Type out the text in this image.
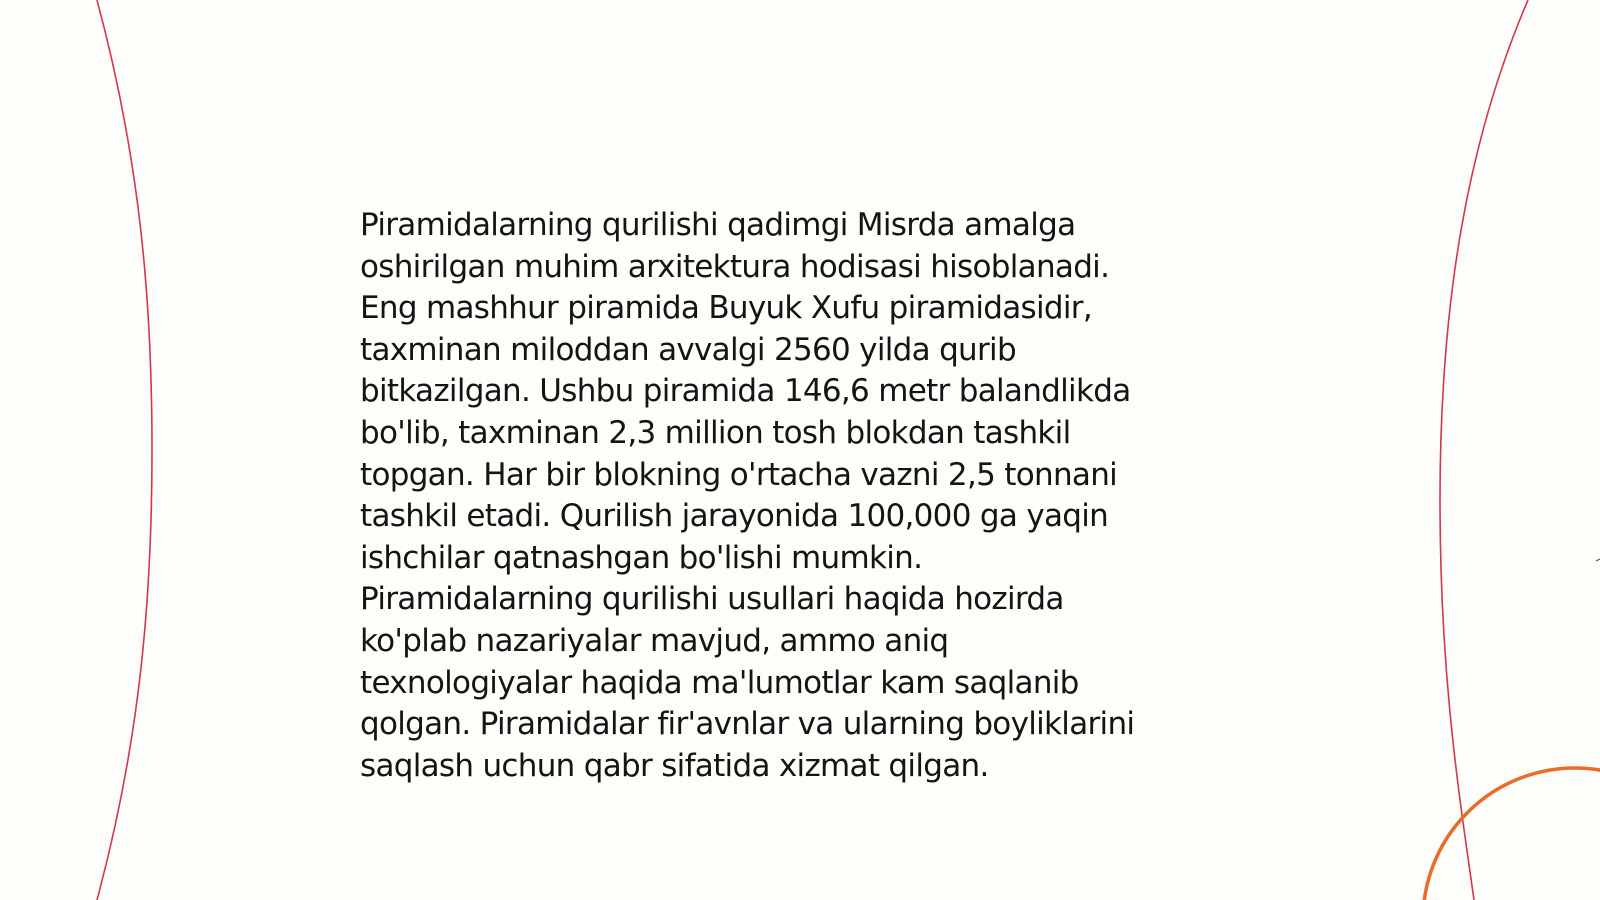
Piramidalarning qurilishi qadimgi Misrda amalga
oshirilgan muhim arxitektura hodisasi hisoblanadi.
Eng mashhur piramida Buyuk Xufu piramidasidir,
taxminan miloddan avvalgi 2560 yilda qurib
bitkazilgan. Ushbu piramida 146,6 metr balandlikda
bo'lib, taxminan 2,3 million tosh blokdan tashkil
topgan. Har bir blokning o'rtacha vazni 2,5 tonnani
tashkil etadi. Qurilish jarayonida 100,000 ga yaqin
ishchilar qatnashgan bo'lishi mumkin.
Piramidalarning qurilishi usullari haqida hozirda
ko'plab nazariyalar mavjud, ammo aniq
texnologiyalar haqida ma'lumotlar kam saqlanib
qolgan. Piramidalar fir'avnlar va ularning boyliklarini
saqlash uchun qabr sifatida xizmat qilgan.
